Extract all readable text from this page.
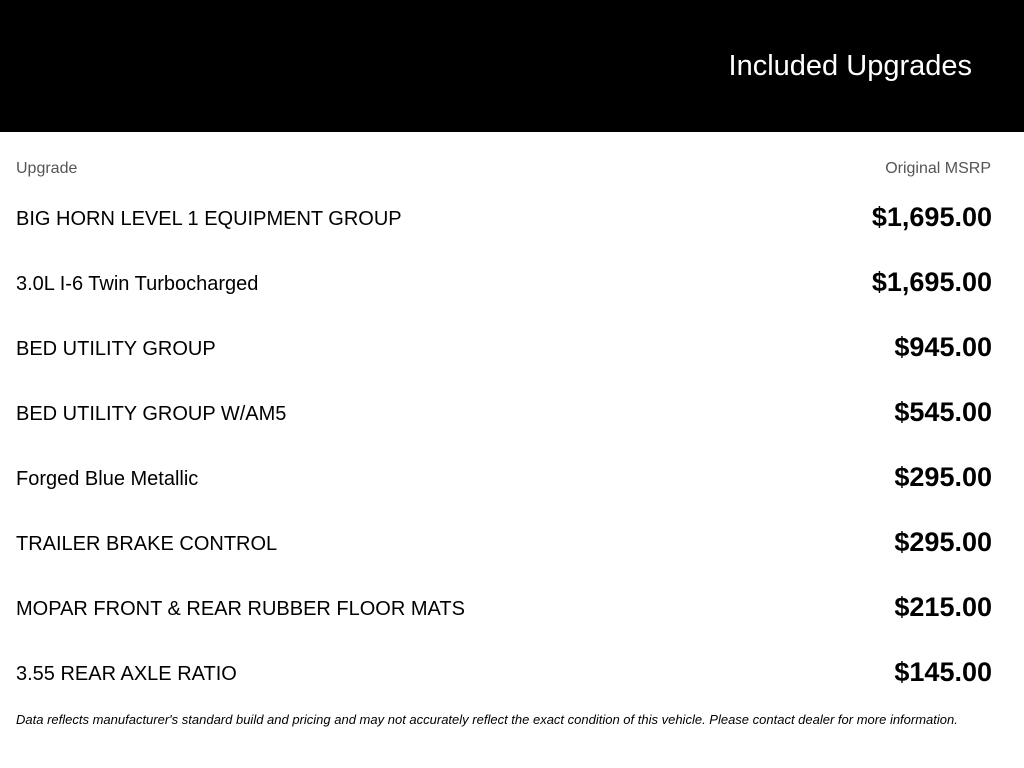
Included Upgrades
Upgrade	Original MSRP
BIG HORN LEVEL 1 EQUIPMENT GROUP	$1,695.00
3.0L I-6 Twin Turbocharged	$1,695.00
BED UTILITY GROUP	$945.00
BED UTILITY GROUP W/AM5	$545.00
Forged Blue Metallic	$295.00
TRAILER BRAKE CONTROL	$295.00
MOPAR FRONT & REAR RUBBER FLOOR MATS	$215.00
3.55 REAR AXLE RATIO	$145.00
Data reflects manufacturer's standard build and pricing and may not accurately reflect the exact condition of this vehicle. Please contact dealer for more information.
